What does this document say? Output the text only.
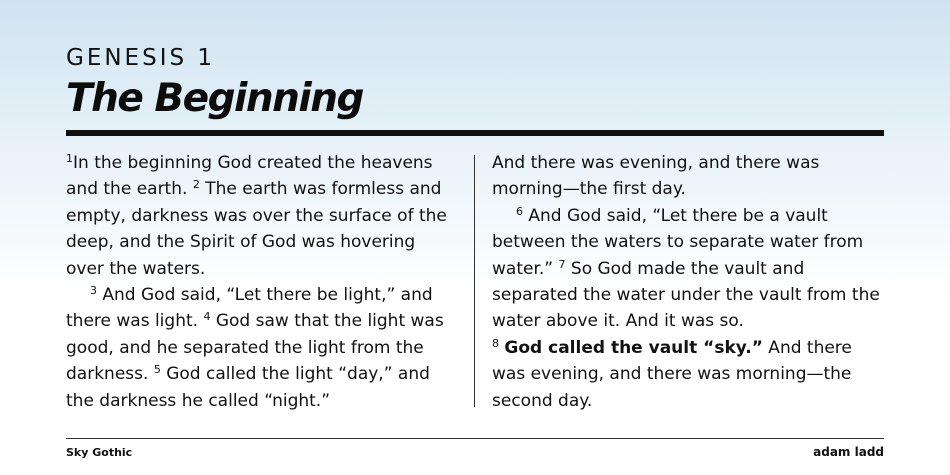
GENESIS 1
The Beginning

$^1$In the beginning God created the heavens and the earth. $^2$ The earth was formless and empty, darkness was over the surface of the deep, and the Spirit of God was hovering over the waters.

$^3$ And God said, “Let there be light,” and there was light. $^4$ God saw that the light was good, and he separated the light from the darkness. $^5$ God called the light “day,” and the darkness he called “night.”

And there was evening, and there was morning—the first day.

$^6$ And God said, “Let there be a vault between the waters to separate water from water.” $^7$ So God made the vault and separated the water under the vault from the water above it. And it was so.

$^8$ God called the vault “sky.” And there was evening, and there was morning—the second day.

Sky Gothic	adam ladd
